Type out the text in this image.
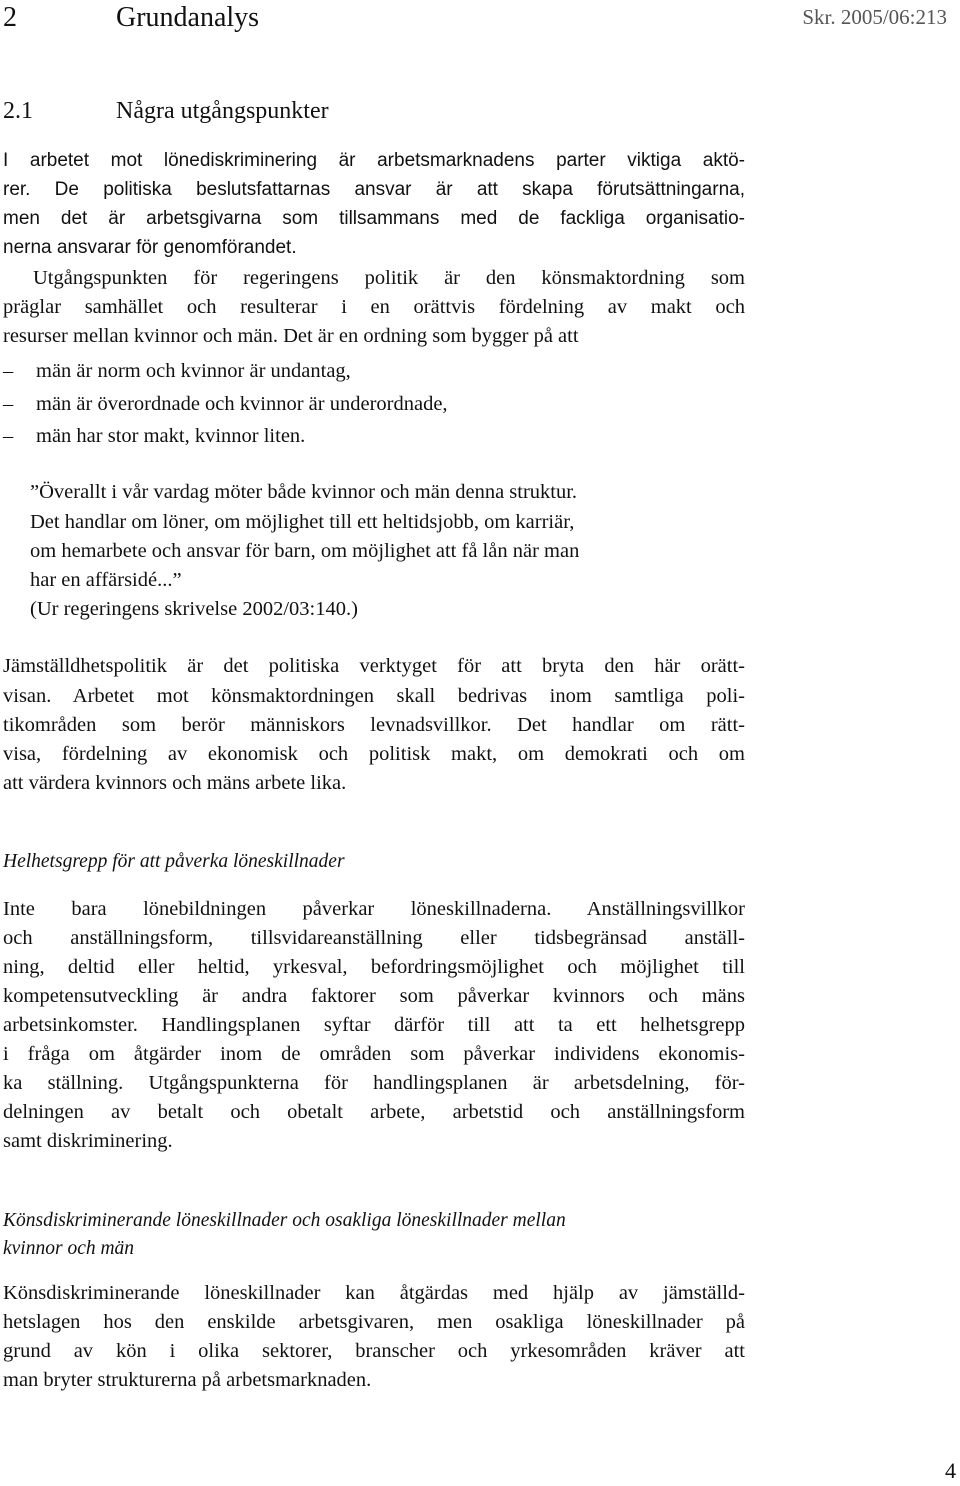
2	Grundanalys	Skr. 2005/06:213
2.1	Några utgångspunkter
I arbetet mot lönediskriminering är arbetsmarknadens parter viktiga aktö-
rer. De politiska beslutsfattarnas ansvar är att skapa förutsättningarna,
men det är arbetsgivarna som tillsammans med de fackliga organisatio-
nerna ansvarar för genomförandet.
Utgångspunkten för regeringens politik är den könsmaktordning som
präglar samhället och resulterar i en orättvis fördelning av makt och
resurser mellan kvinnor och män. Det är en ordning som bygger på att
– män är norm och kvinnor är undantag,
– män är överordnade och kvinnor är underordnade,
– män har stor makt, kvinnor liten.
”Överallt i vår vardag möter både kvinnor och män denna struktur.
Det handlar om löner, om möjlighet till ett heltidsjobb, om karriär,
om hemarbete och ansvar för barn, om möjlighet att få lån när man
har en affärsidé...”
(Ur regeringens skrivelse 2002/03:140.)
Jämställdhetspolitik är det politiska verktyget för att bryta den här orätt-
visan. Arbetet mot könsmaktordningen skall bedrivas inom samtliga poli-
tikområden som berör människors levnadsvillkor. Det handlar om rätt-
visa, fördelning av ekonomisk och politisk makt, om demokrati och om
att värdera kvinnors och mäns arbete lika.
Helhetsgrepp för att påverka löneskillnader
Inte bara lönebildningen påverkar löneskillnaderna. Anställningsvillkor
och anställningsform, tillsvidareanställning eller tidsbegränsad anställ-
ning, deltid eller heltid, yrkesval, befordringsmöjlighet och möjlighet till
kompetensutveckling är andra faktorer som påverkar kvinnors och mäns
arbetsinkomster. Handlingsplanen syftar därför till att ta ett helhetsgrepp
i fråga om åtgärder inom de områden som påverkar individens ekonomis-
ka ställning. Utgångspunkterna för handlingsplanen är arbetsdelning, för-
delningen av betalt och obetalt arbete, arbetstid och anställningsform
samt diskriminering.
Könsdiskriminerande löneskillnader och osakliga löneskillnader mellan
kvinnor och män
Könsdiskriminerande löneskillnader kan åtgärdas med hjälp av jämställd-
hetslagen hos den enskilde arbetsgivaren, men osakliga löneskillnader på
grund av kön i olika sektorer, branscher och yrkesområden kräver att
man bryter strukturerna på arbetsmarknaden.
4
